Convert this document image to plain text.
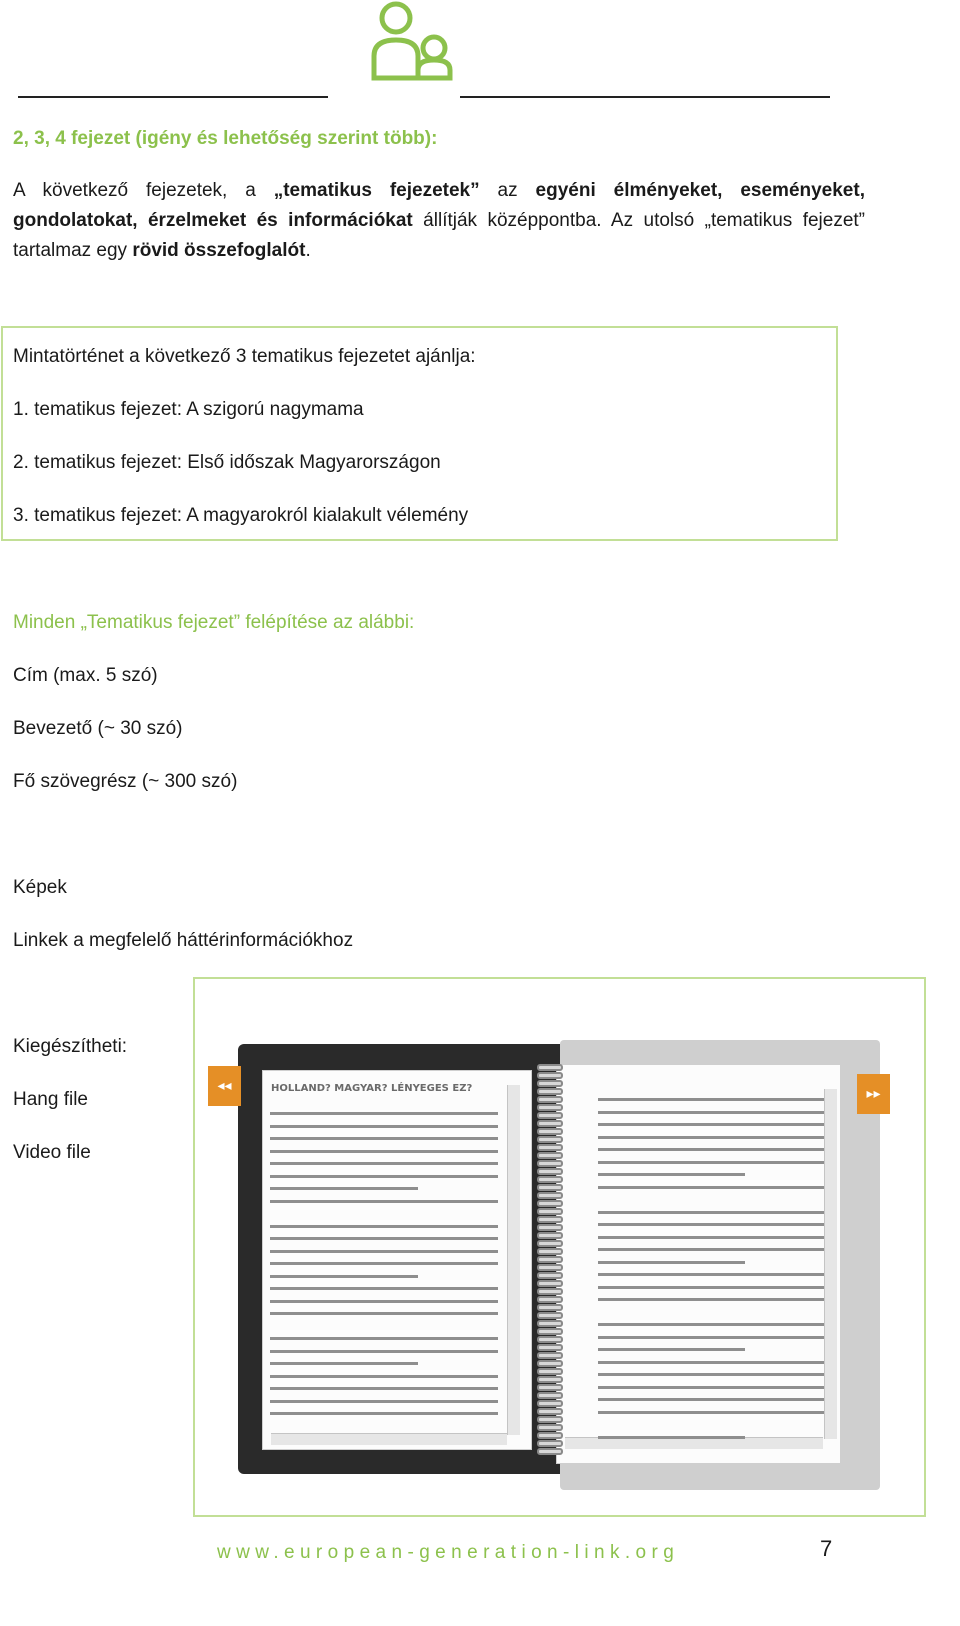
2, 3, 4 fejezet (igény és lehetőség szerint több):
A következő fejezetek, a „tematikus fejezetek” az egyéni élményeket, eseményeket, gondolatokat, érzelmeket és információkat állítják középpontba. Az utolsó „tematikus fejezet” tartalmaz egy rövid összefoglalót.
Mintatörténet a következő 3 tematikus fejezetet ajánlja:
1. tematikus fejezet: A szigorú nagymama
2. tematikus fejezet: Első időszak Magyarországon
3. tematikus fejezet: A magyarokról kialakult vélemény
Minden „Tematikus fejezet” felépítése az alábbi:
Cím (max. 5 szó)
Bevezető (~ 30 szó)
Fő szövegrész (~ 300 szó)
Képek
Linkek a megfelelő háttérinformációkhoz
Kiegészítheti:
Hang file
Video file
HOLLAND? MAGYAR? LÉNYEGES EZ?
◂◂	▸▸
www.european-generation-link.org	7
